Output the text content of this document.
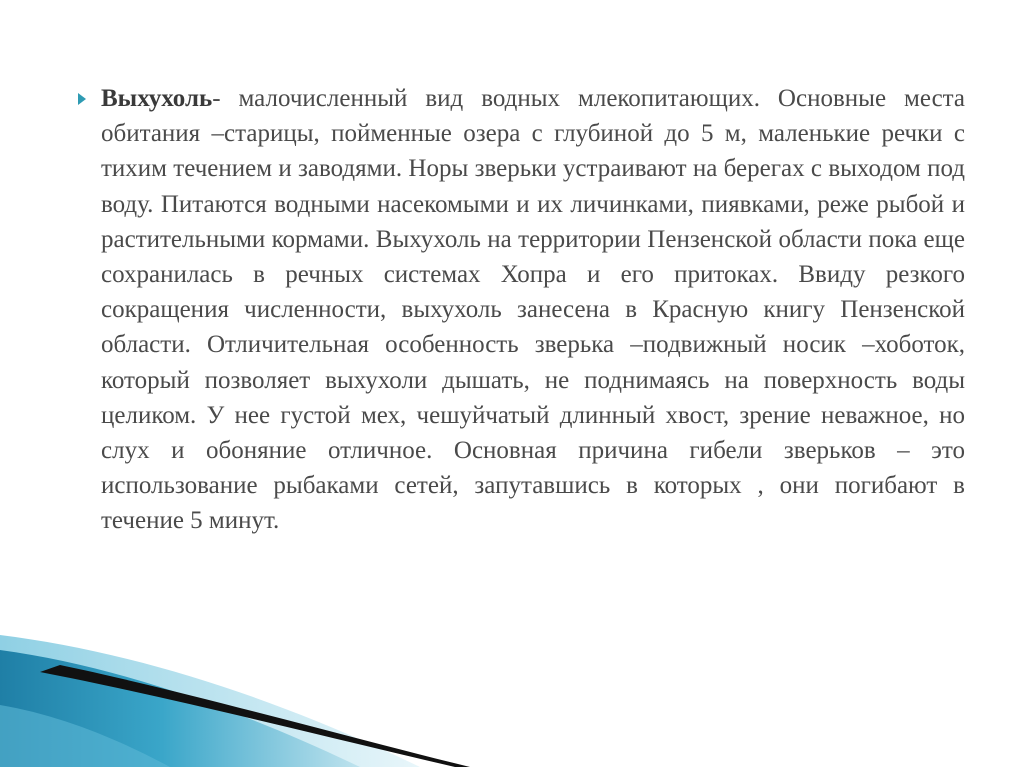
Выхухоль- малочисленный вид водных млекопитающих. Основные места обитания –старицы, пойменные озера с глубиной до 5 м, маленькие речки с тихим течением и заводями. Норы зверьки устраивают на берегах с выходом под воду. Питаются водными насекомыми и их личинками, пиявками, реже рыбой и растительными кормами. Выхухоль на территории Пензенской области пока еще сохранилась в речных системах Хопра и его притоках. Ввиду резкого сокращения численности, выхухоль занесена в Красную книгу Пензенской области. Отличительная особенность зверька –подвижный носик –хоботок, который позволяет выхухоли дышать, не поднимаясь на поверхность воды целиком. У нее густой мех, чешуйчатый длинный хвост, зрение неважное, но слух и обоняние отличное. Основная причина гибели зверьков – это использование рыбаками сетей, запутавшись в которых , они погибают в течение 5 минут.
